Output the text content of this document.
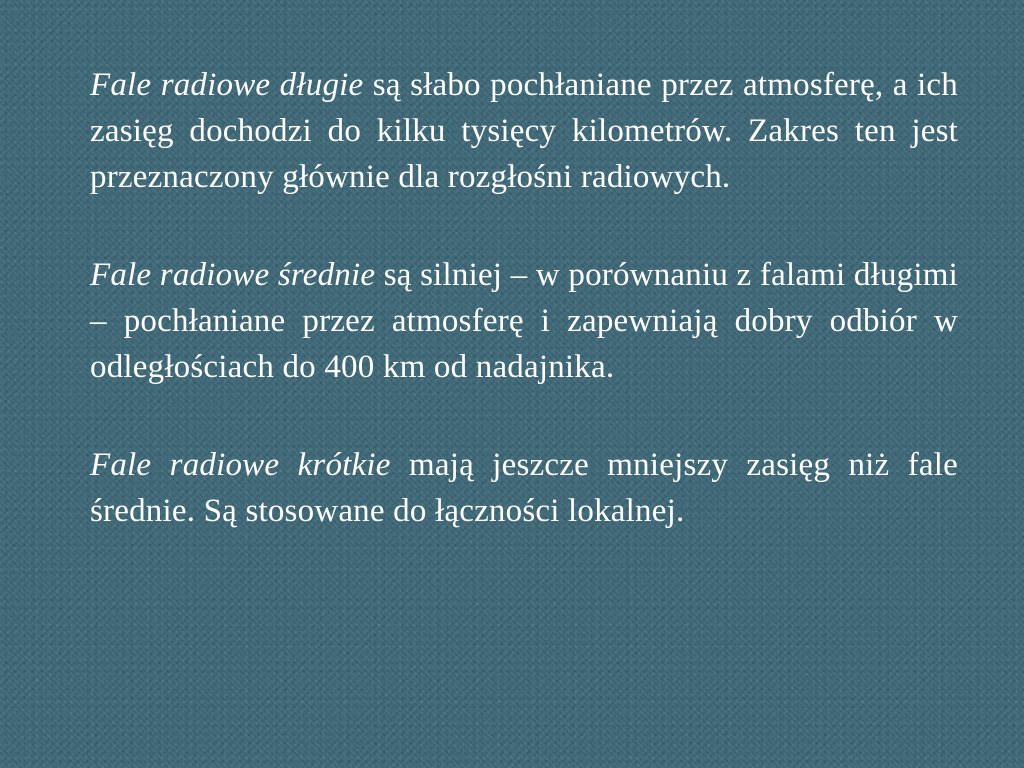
Fale radiowe długie są słabo pochłaniane przez atmosferę, a ich zasięg dochodzi do kilku tysięcy kilometrów. Zakres ten jest przeznaczony głównie dla rozgłośni radiowych.

Fale radiowe średnie są silniej – w porównaniu z falami długimi – pochłaniane przez atmosferę i zapewniają dobry odbiór w odległościach do 400 km od nadajnika.

Fale radiowe krótkie mają jeszcze mniejszy zasięg niż fale średnie. Są stosowane do łączności lokalnej.
